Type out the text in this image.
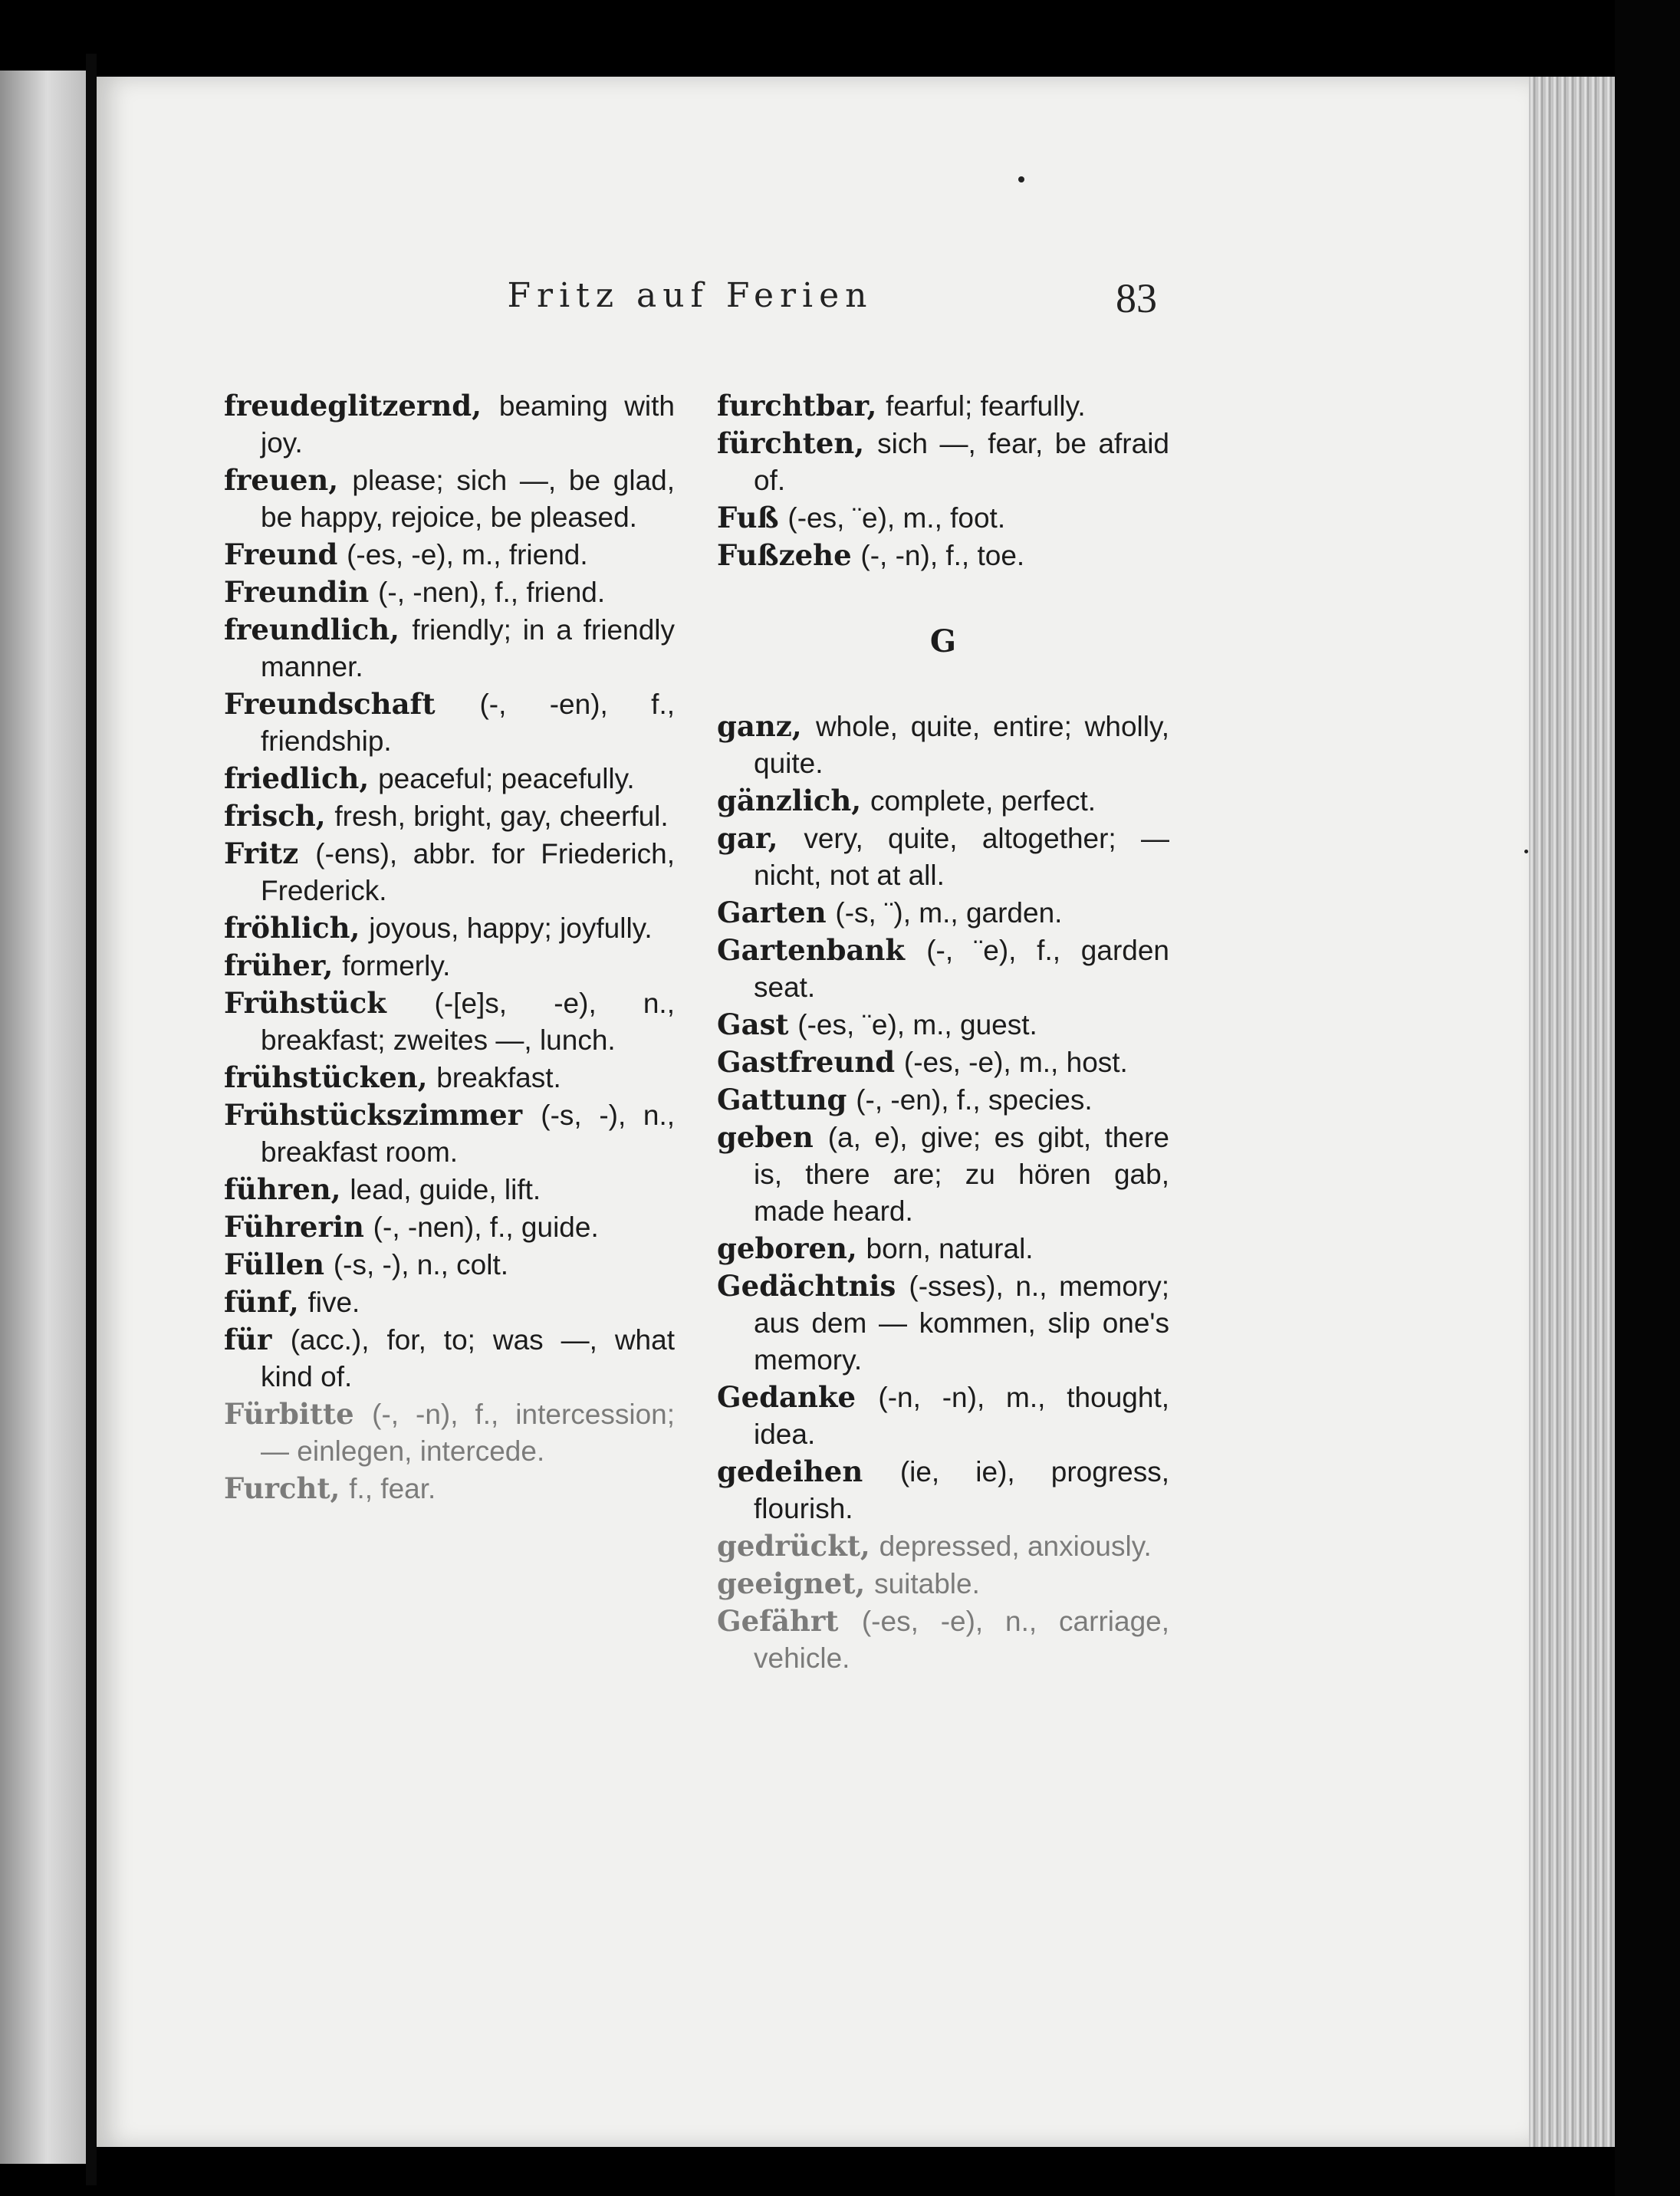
Fritz auf Ferien	83

freudeglitzernd, beaming with joy.

freuen, please; sich —, be glad, be happy, rejoice, be pleased.

Freund (-es, -e), m., friend.

Freundin (-, -nen), f., friend.

freundlich, friendly; in a friendly manner.

Freundschaft (-, -en), f., friendship.

friedlich, peaceful; peacefully.

frisch, fresh, bright, gay, cheerful.

Fritz (-ens), abbr. for Friederich, Frederick.

fröhlich, joyous, happy; joyfully.

früher, formerly.

Frühstück (-[e]s, -e), n., breakfast; zweites —, lunch.

frühstücken, breakfast.

Frühstückszimmer (-s, -), n., breakfast room.

führen, lead, guide, lift.

Führerin (-, -nen), f., guide.

Füllen (-s, -), n., colt.

fünf, five.

für (acc.), for, to; was —, what kind of.

Fürbitte (-, -n), f., intercession; — einlegen, intercede.

Furcht, f., fear.

furchtbar, fearful; fearfully.

fürchten, sich —, fear, be afraid of.

Fuß (-es, ¨e), m., foot.

Fußzehe (-, -n), f., toe.

G

ganz, whole, quite, entire; wholly, quite.

gänzlich, complete, perfect.

gar, very, quite, altogether; — nicht, not at all.

Garten (-s, ¨), m., garden.

Gartenbank (-, ¨e), f., garden seat.

Gast (-es, ¨e), m., guest.

Gastfreund (-es, -e), m., host.

Gattung (-, -en), f., species.

geben (a, e), give; es gibt, there is, there are; zu hören gab, made heard.

geboren, born, natural.

Gedächtnis (-sses), n., memory; aus dem — kommen, slip one's memory.

Gedanke (-n, -n), m., thought, idea.

gedeihen (ie, ie), progress, flourish.

gedrückt, depressed, anxiously.

geeignet, suitable.

Gefährt (-es, -e), n., carriage, vehicle.
